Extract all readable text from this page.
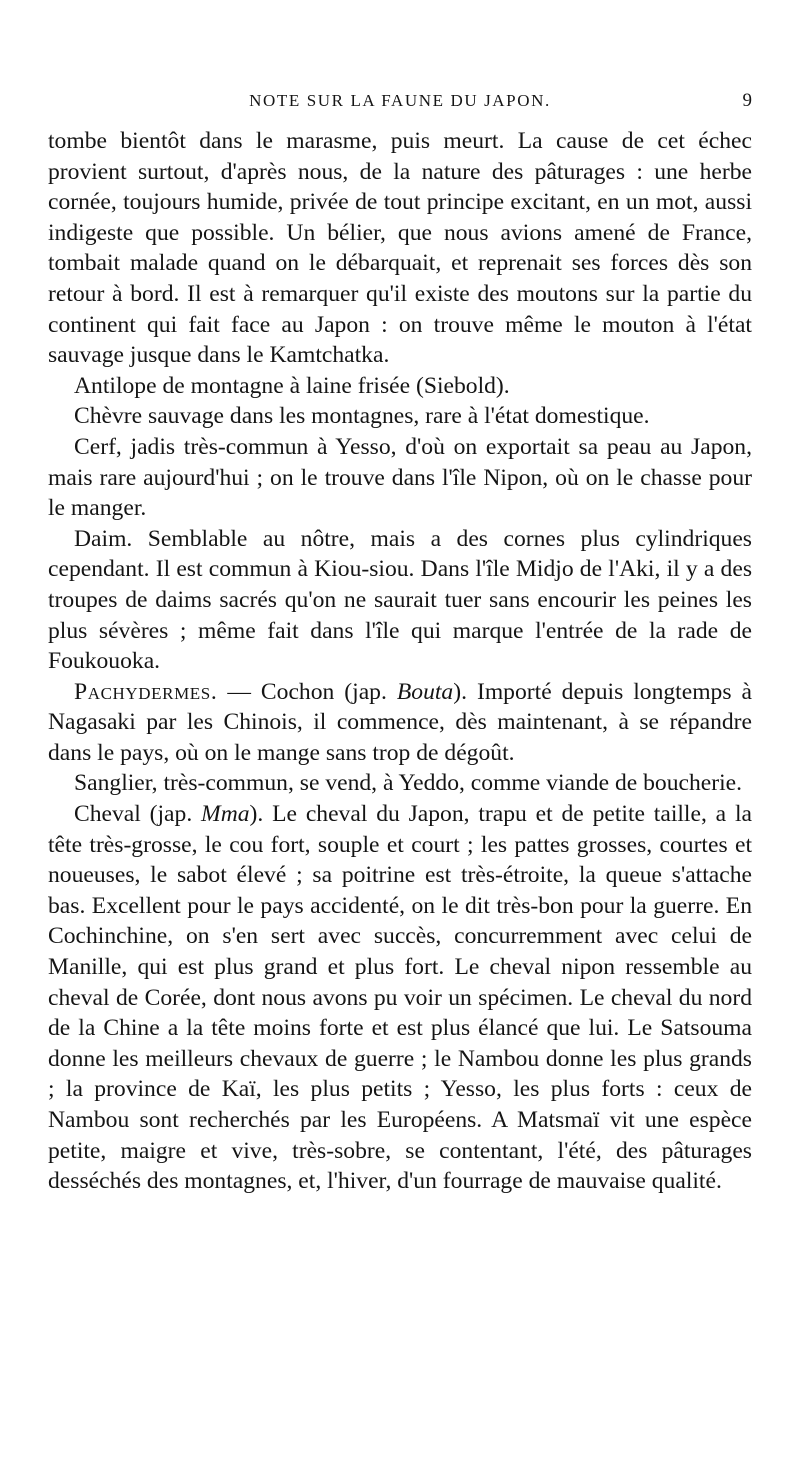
NOTE SUR LA FAUNE DU JAPON.	9

tombe bientôt dans le marasme, puis meurt. La cause de cet échec provient surtout, d'après nous, de la nature des pâturages : une herbe cornée, toujours humide, privée de tout principe excitant, en un mot, aussi indigeste que possible. Un bélier, que nous avions amené de France, tombait malade quand on le débarquait, et reprenait ses forces dès son retour à bord. Il est à remarquer qu'il existe des moutons sur la partie du continent qui fait face au Japon : on trouve même le mouton à l'état sauvage jusque dans le Kamtchatka.

Antilope de montagne à laine frisée (Siebold).

Chèvre sauvage dans les montagnes, rare à l'état domestique.

Cerf, jadis très-commun à Yesso, d'où on exportait sa peau au Japon, mais rare aujourd'hui ; on le trouve dans l'île Nipon, où on le chasse pour le manger.

Daim. Semblable au nôtre, mais a des cornes plus cylindriques cependant. Il est commun à Kiou-siou. Dans l'île Midjo de l'Aki, il y a des troupes de daims sacrés qu'on ne saurait tuer sans encourir les peines les plus sévères ; même fait dans l'île qui marque l'entrée de la rade de Foukouoka.

Pachydermes. — Cochon (jap. Bouta). Importé depuis longtemps à Nagasaki par les Chinois, il commence, dès maintenant, à se répandre dans le pays, où on le mange sans trop de dégoût.

Sanglier, très-commun, se vend, à Yeddo, comme viande de boucherie.

Cheval (jap. Mma). Le cheval du Japon, trapu et de petite taille, a la tête très-grosse, le cou fort, souple et court ; les pattes grosses, courtes et noueuses, le sabot élevé ; sa poitrine est très-étroite, la queue s'attache bas. Excellent pour le pays accidenté, on le dit très-bon pour la guerre. En Cochinchine, on s'en sert avec succès, concurremment avec celui de Manille, qui est plus grand et plus fort. Le cheval nipon ressemble au cheval de Corée, dont nous avons pu voir un spécimen. Le cheval du nord de la Chine a la tête moins forte et est plus élancé que lui. Le Satsouma donne les meilleurs chevaux de guerre ; le Nambou donne les plus grands ; la province de Kaï, les plus petits ; Yesso, les plus forts : ceux de Nambou sont recherchés par les Européens. A Matsmaï vit une espèce petite, maigre et vive, très-sobre, se contentant, l'été, des pâturages desséchés des montagnes, et, l'hiver, d'un fourrage de mauvaise qualité.
